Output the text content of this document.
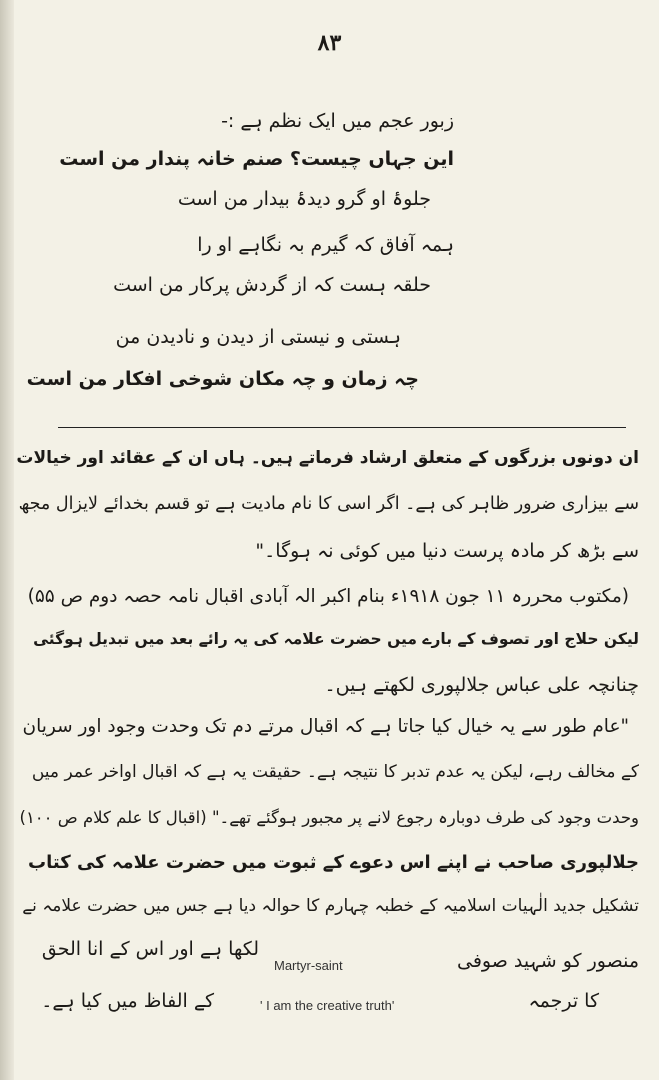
۸۳
زبور عجم میں ایک نظم ہے :-
این جہاں چیست؟ صنم خانہ پندار من است
جلوۂ او گرو دیدۂ بیدار من است
ہمہ آفاق کہ گیرم بہ نگاہے او را
حلقہ ہست کہ از گردش پرکار من است
ہستی و نیستی از دیدن و نادیدن من
چہ زمان و چہ مکان شوخی افکار من است
ان دونوں بزرگوں کے متعلق ارشاد فرماتے ہیں۔ ہاں ان کے عقائد اور خیالات
سے بیزاری ضرور ظاہر کی ہے۔ اگر اسی کا نام مادیت ہے تو قسم بخدائے لایزال مجھ
سے بڑھ کر مادہ پرست دنیا میں کوئی نہ ہوگا۔"
(مکتوب محررہ ۱۱ جون ۱۹۱۸ء بنام اکبر الہ آبادی اقبال نامہ حصہ دوم ص ۵۵)
لیکن حلاج اور تصوف کے بارے میں حضرت علامہ کی یہ رائے بعد میں تبدیل ہوگئی
چنانچہ علی عباس جلالپوری لکھتے ہیں۔
"عام طور سے یہ خیال کیا جاتا ہے کہ اقبال مرتے دم تک وحدت وجود اور سریان
کے مخالف رہے، لیکن یہ عدم تدبر کا نتیجہ ہے۔ حقیقت یہ ہے کہ اقبال اواخر عمر میں
وحدت وجود کی طرف دوبارہ رجوع لانے پر مجبور ہوگئے تھے۔" (اقبال کا علم کلام ص ۱۰۰)
جلالپوری صاحب نے اپنے اس دعوے کے ثبوت میں حضرت علامہ کی کتاب
تشکیل جدید الٰہیات اسلامیہ کے خطبہ چہارم کا حوالہ دیا ہے جس میں حضرت علامہ نے
لکھا ہے اور اس کے انا الحق
منصور کو شہید صوفی
کے الفاظ میں کیا ہے۔	کا ترجمہ
Martyr-saint
' I am the creative truth'
